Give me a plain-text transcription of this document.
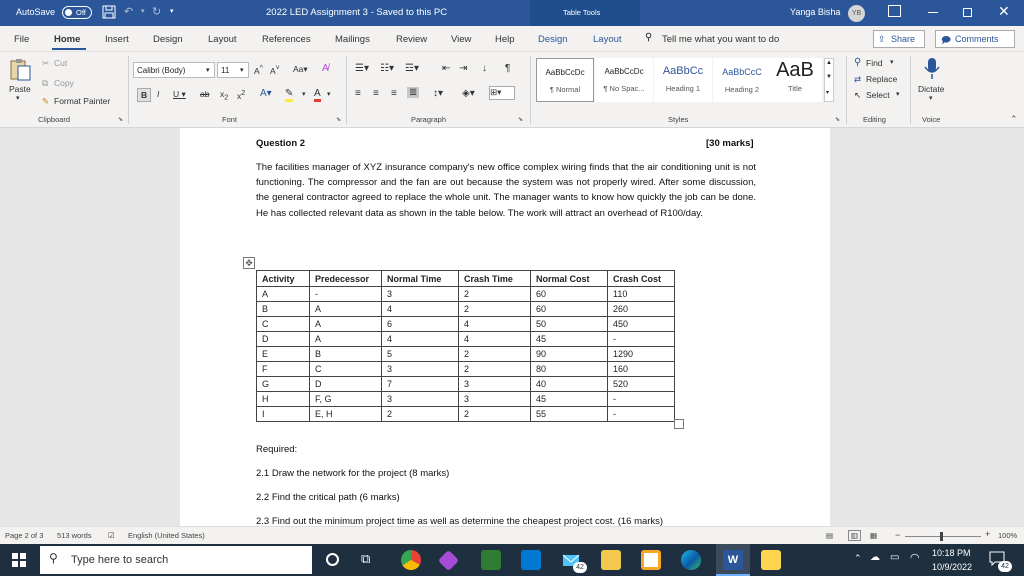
AutoSave	Off	↶ ▾ ↻ ▾	2022 LED Assignment 3 - Saved to this PC	Table Tools	Yanga Bisha	YB	✕
File	Home	Insert	Design	Layout	References	Mailings	Review	View Help Design	Layout ⚲ Tell me what you want to do	⇪ Share	🗩 Comments
Paste
▾
✂ Cut
⧉ Copy
✎ Format Painter
Clipboard	⬊
Calibri (Body)	▾ 11 ▾ A^ A˅ Aa▾ A̸
B	I U ▾ ab $x_2$ $x^2$ A▾ ✎ ▾ A ▾
Font	⬊
☰▾ ☷▾ ☲▾ ⇤ ⇥ ↓ ¶
≡ ≡ ≡ ≣ ↕▾ ◈▾ ⊞▾
Paragraph	⬊
AaBbCcDc
¶ Normal
AaBbCcDc
¶ No Spac...
AaBbCc
Heading 1
AaBbCcC
Heading 2
AaB
Title
▲
▼
▾
Styles	⬊
⚲ Find ▾
⇄ Replace
↖ Select ▾
Editing
Dictate
▾
Voice	⌃
Question 2	[30 marks]
The facilities manager of XYZ insurance company's new office complex wiring finds that the air conditioning unit is not functioning. The compressor and the fan are out because the system was not properly wired. After some discussion, the general contractor agreed to replace the whole unit. The manager wants to know how quickly the job can be done. He has collected relevant data as shown in the table below. The work will attract an overhead of R100/day.
✥
Activity	Predecessor	Normal Time	Crash Time	Normal Cost	Crash Cost
A	-	3	2	60	110
B	A	4	2	60	260
C	A	6	4	50	450
D	A	4	4	45	-
E	B	5	2	90	1290
F	C	3	2	80	160
G	D	7	3	40	520
H	F, G	3	3	45	-
I	E, H	2	2	55	-
Required:
2.1 Draw the network for the project (8 marks)
2.2 Find the critical path (6 marks)
2.3 Find out the minimum project time as well as determine the cheapest project cost. (16 marks)
Page 2 of 3 513 words ☑ English (United States)	▤	▥	▦ −	+ 100%
⚲ Type here to search	⧉
42
W	⌃ ☁ ▭ ◠ 10:18 PM
10/9/2022	42
